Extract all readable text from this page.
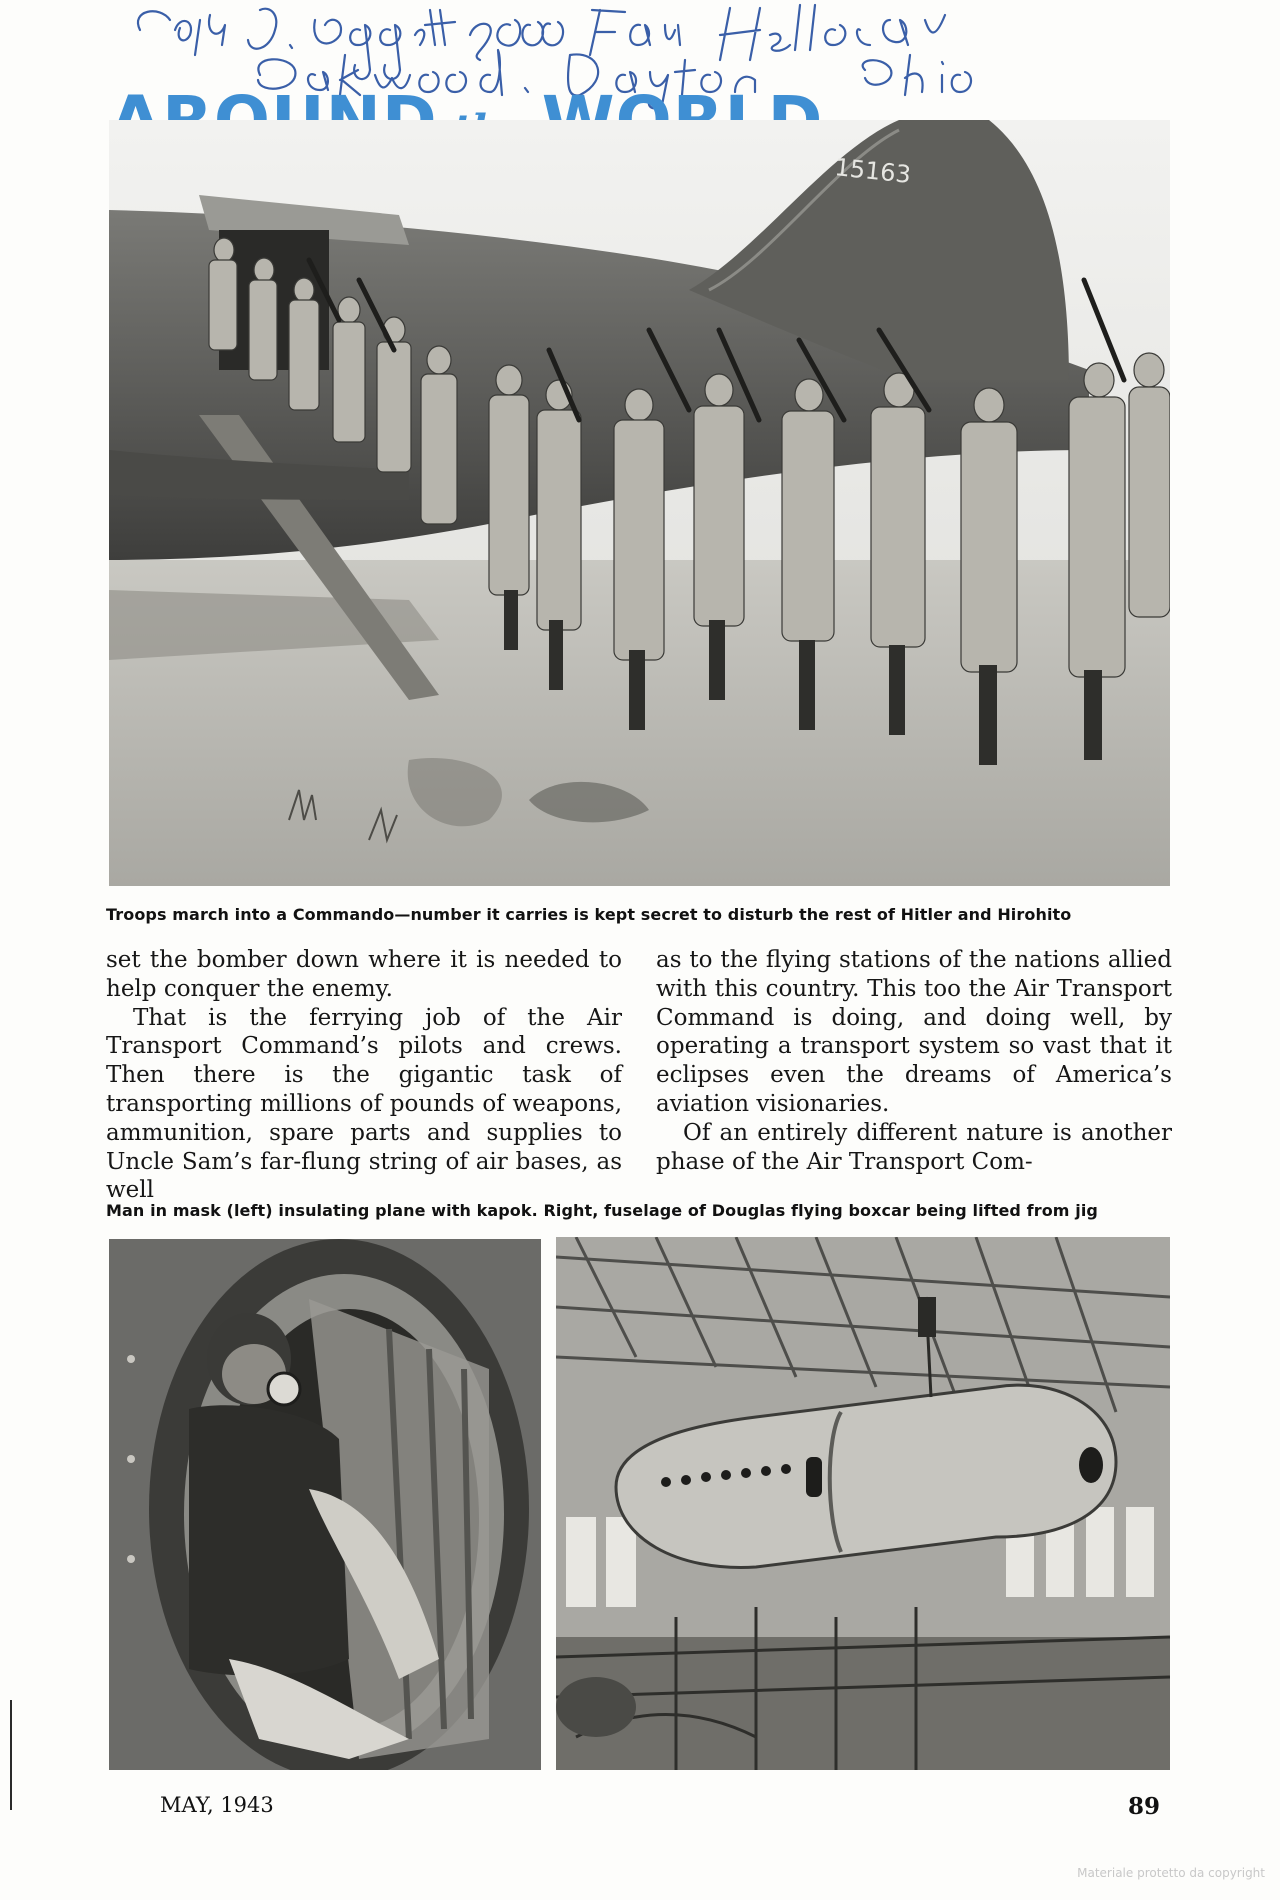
15163
Troops march into a Commando—number it carries is kept secret to disturb the rest of Hitler and Hirohito

set the bomber down where it is needed to help conquer the enemy.

That is the ferrying job of the Air Transport Command’s pilots and crews. Then there is the gigantic task of transporting millions of pounds of weapons, ammunition, spare parts and supplies to Uncle Sam’s far-flung string of air bases, as well

as to the flying stations of the nations allied with this country. This too the Air Transport Command is doing, and doing well, by operating a transport system so vast that it eclipses even the dreams of America’s aviation visionaries.

Of an entirely different nature is another phase of the Air Transport Com-

Man in mask (left) insulating plane with kapok. Right, fuselage of Douglas flying boxcar being lifted from jig
MAY, 1943	89
Materiale protetto da copyright
